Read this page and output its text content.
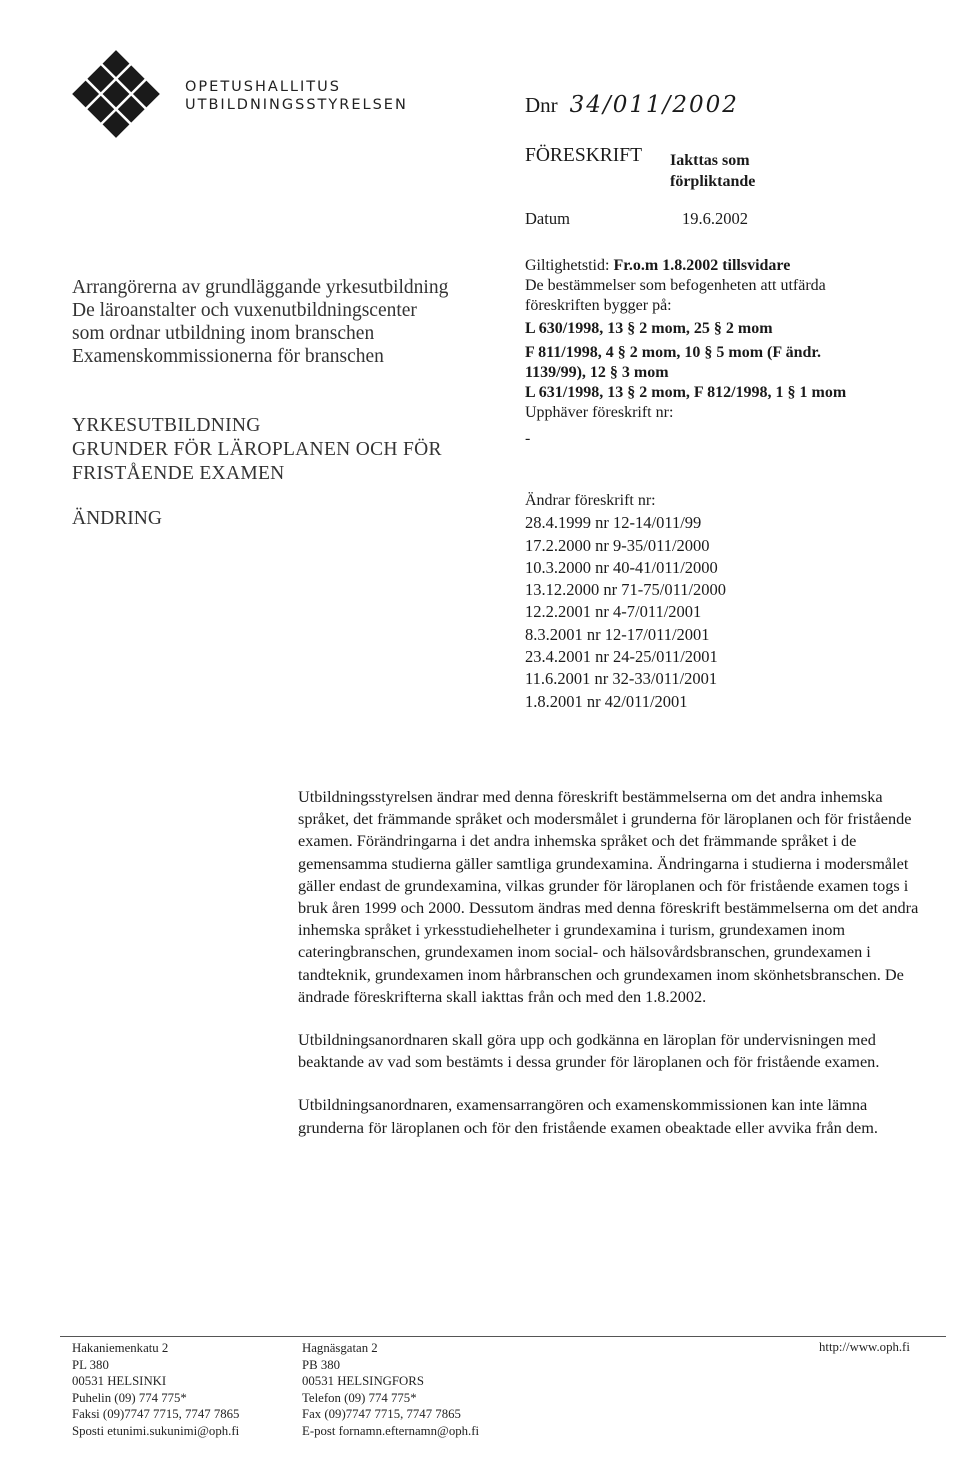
OPETUSHALLITUS
UTBILDNINGSSTYRELSEN	Dnr 34/011/2002
FÖRESKRIFT Iakttas som
förpliktande
Datum	19.6.2002
Arrangörerna av grundläggande yrkesutbildning
De läroanstalter och vuxenutbildningscenter
som ordnar utbildning inom branschen
Examenskommissionerna för branschen
YRKESUTBILDNING
GRUNDER FÖR LÄROPLANEN OCH FÖR
FRISTÅENDE EXAMEN
ÄNDRING
Giltighetstid: Fr.o.m 1.8.2002 tillsvidare
De bestämmelser som befogenheten att utfärda
föreskriften bygger på:
L 630/1998, 13 § 2 mom, 25 § 2 mom
F 811/1998, 4 § 2 mom, 10 § 5 mom (F ändr.
1139/99), 12 § 3 mom
L 631/1998, 13 § 2 mom, F 812/1998, 1 § 1 mom
Upphäver föreskrift nr:
-
Ändrar föreskrift nr:
28.4.1999 nr 12-14/011/99
17.2.2000 nr 9-35/011/2000
10.3.2000 nr 40-41/011/2000
13.12.2000 nr 71-75/011/2000
12.2.2001 nr 4-7/011/2001
8.3.2001 nr 12-17/011/2001
23.4.2001 nr 24-25/011/2001
11.6.2001 nr 32-33/011/2001
1.8.2001 nr 42/011/2001

Utbildningsstyrelsen ändrar med denna föreskrift bestämmelserna om det andra inhemska språket, det främmande språket och modersmålet i grunderna för läroplanen och för fristående examen. Förändringarna i det andra inhemska språket och det främmande språket i de gemensamma studierna gäller samtliga grundexamina. Ändringarna i studierna i modersmålet gäller endast de grundexamina, vilkas grunder för läroplanen och för fristående examen togs i bruk åren 1999 och 2000. Dessutom ändras med denna föreskrift bestämmelserna om det andra inhemska språket i yrkesstudiehelheter i grundexamina i turism, grundexamen inom cateringbranschen, grundexamen inom social- och hälsovårdsbranschen, grundexamen i tandteknik, grundexamen inom hårbranschen och grundexamen inom skönhetsbranschen. De ändrade föreskrifterna skall iakttas från och med den 1.8.2002.

Utbildningsanordnaren skall göra upp och godkänna en läroplan för undervisningen med beaktande av vad som bestämts i dessa grunder för läroplanen och för fristående examen.

Utbildningsanordnaren, examensarrangören och examenskommissionen kan inte lämna grunderna för läroplanen och för den fristående examen obeaktade eller avvika från dem.

Hakaniemenkatu 2
PL 380
00531 HELSINKI
Puhelin (09) 774 775*
Faksi (09)7747 7715, 7747 7865
Sposti etunimi.sukunimi@oph.fi
Hagnäsgatan 2
PB 380
00531 HELSINGFORS
Telefon (09) 774 775*
Fax (09)7747 7715, 7747 7865
E-post fornamn.efternamn@oph.fi
http://www.oph.fi
